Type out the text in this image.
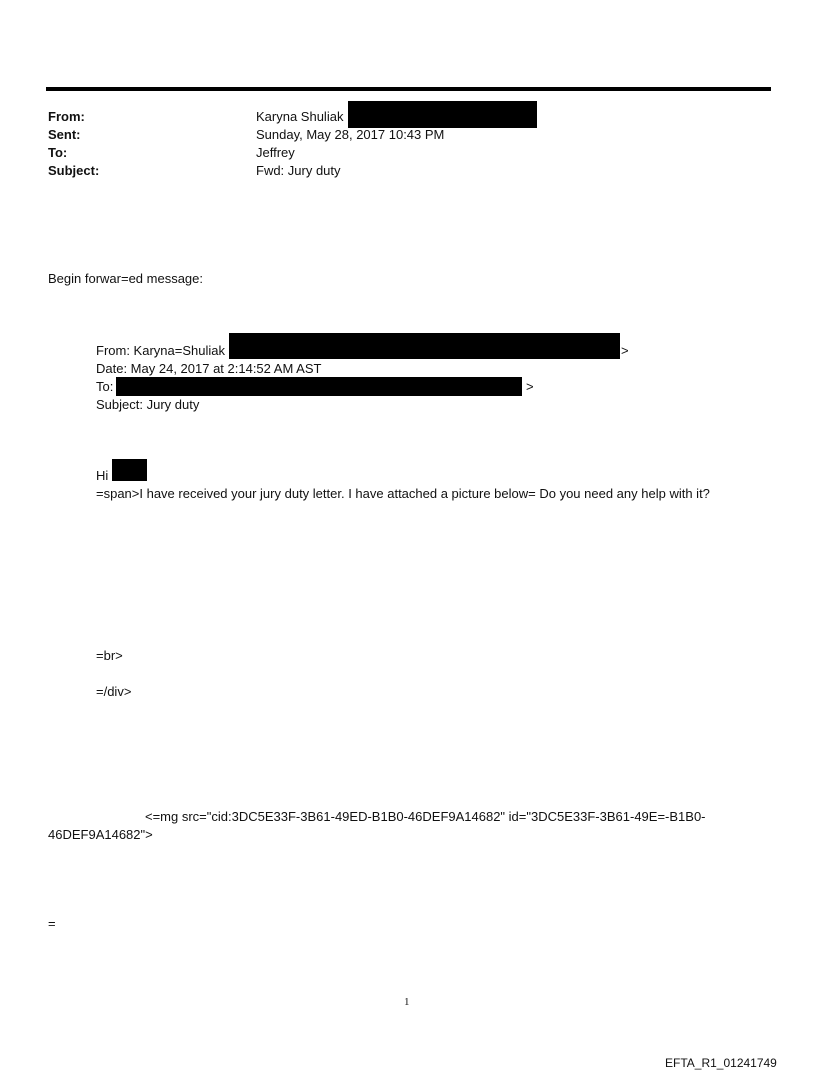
From:	Karyna Shuliak
Sent:	Sunday, May 28, 2017 10:43 PM
To:	Jeffrey
Subject:	Fwd: Jury duty
Begin forwar=ed message:
From: Karyna=Shuliak	>
Date: May 24, 2017 at 2:14:52 AM AST
To:	>
Subject: Jury duty
Hi
=span>I have received your jury duty letter. I have attached a picture below= Do you need any help with it?
=br>
=/div>
<=mg src="cid:3DC5E33F-3B61-49ED-B1B0-46DEF9A14682" id="3DC5E33F-3B61-49E=-B1B0-
46DEF9A14682">
=
1
EFTA_R1_01241749
